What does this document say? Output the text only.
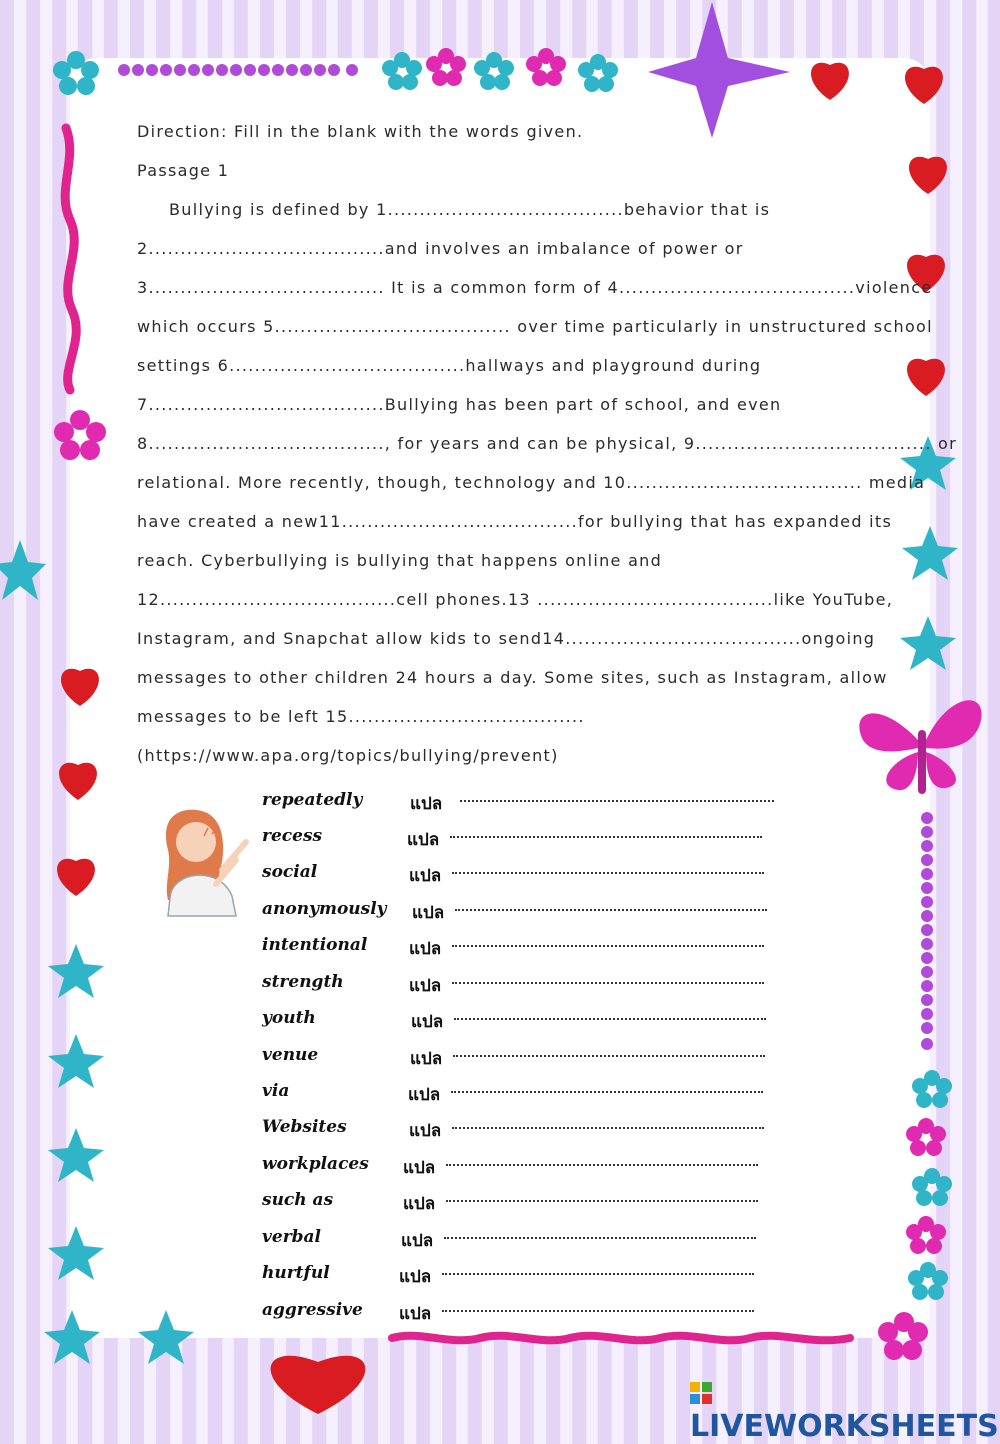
Direction: Fill in the blank with the words given.
Passage 1
Bullying is defined by 1.....................................behavior that is
2.....................................and involves an imbalance of power or
3..................................... It is a common form of 4.....................................violence
which occurs 5..................................... over time particularly in unstructured school
settings 6.....................................hallways and playground during
7.....................................Bullying has been part of school, and even
8....................................., for years and can be physical, 9..................................... or
relational. More recently, though, technology and 10..................................... media
have created a new11.....................................for bullying that has expanded its
reach. Cyberbullying is bullying that happens online and
12.....................................cell phones.13 .....................................like YouTube,
Instagram, and Snapchat allow kids to send14.....................................ongoing
messages to other children 24 hours a day. Some sites, such as Instagram, allow
messages to be left 15.....................................
(https://www.apa.org/topics/bullying/prevent)
repeatedly	แปล
recess	แปล
social	แปล
anonymously แปล
intentional แปล
strength	แปล
youth	แปล
venue	แปล
via	แปล
Websites	แปล
workplaces แปล
such as	แปล
verbal	แปล
hurtful	แปล
aggressive แปล
LIVEWORKSHEETS
